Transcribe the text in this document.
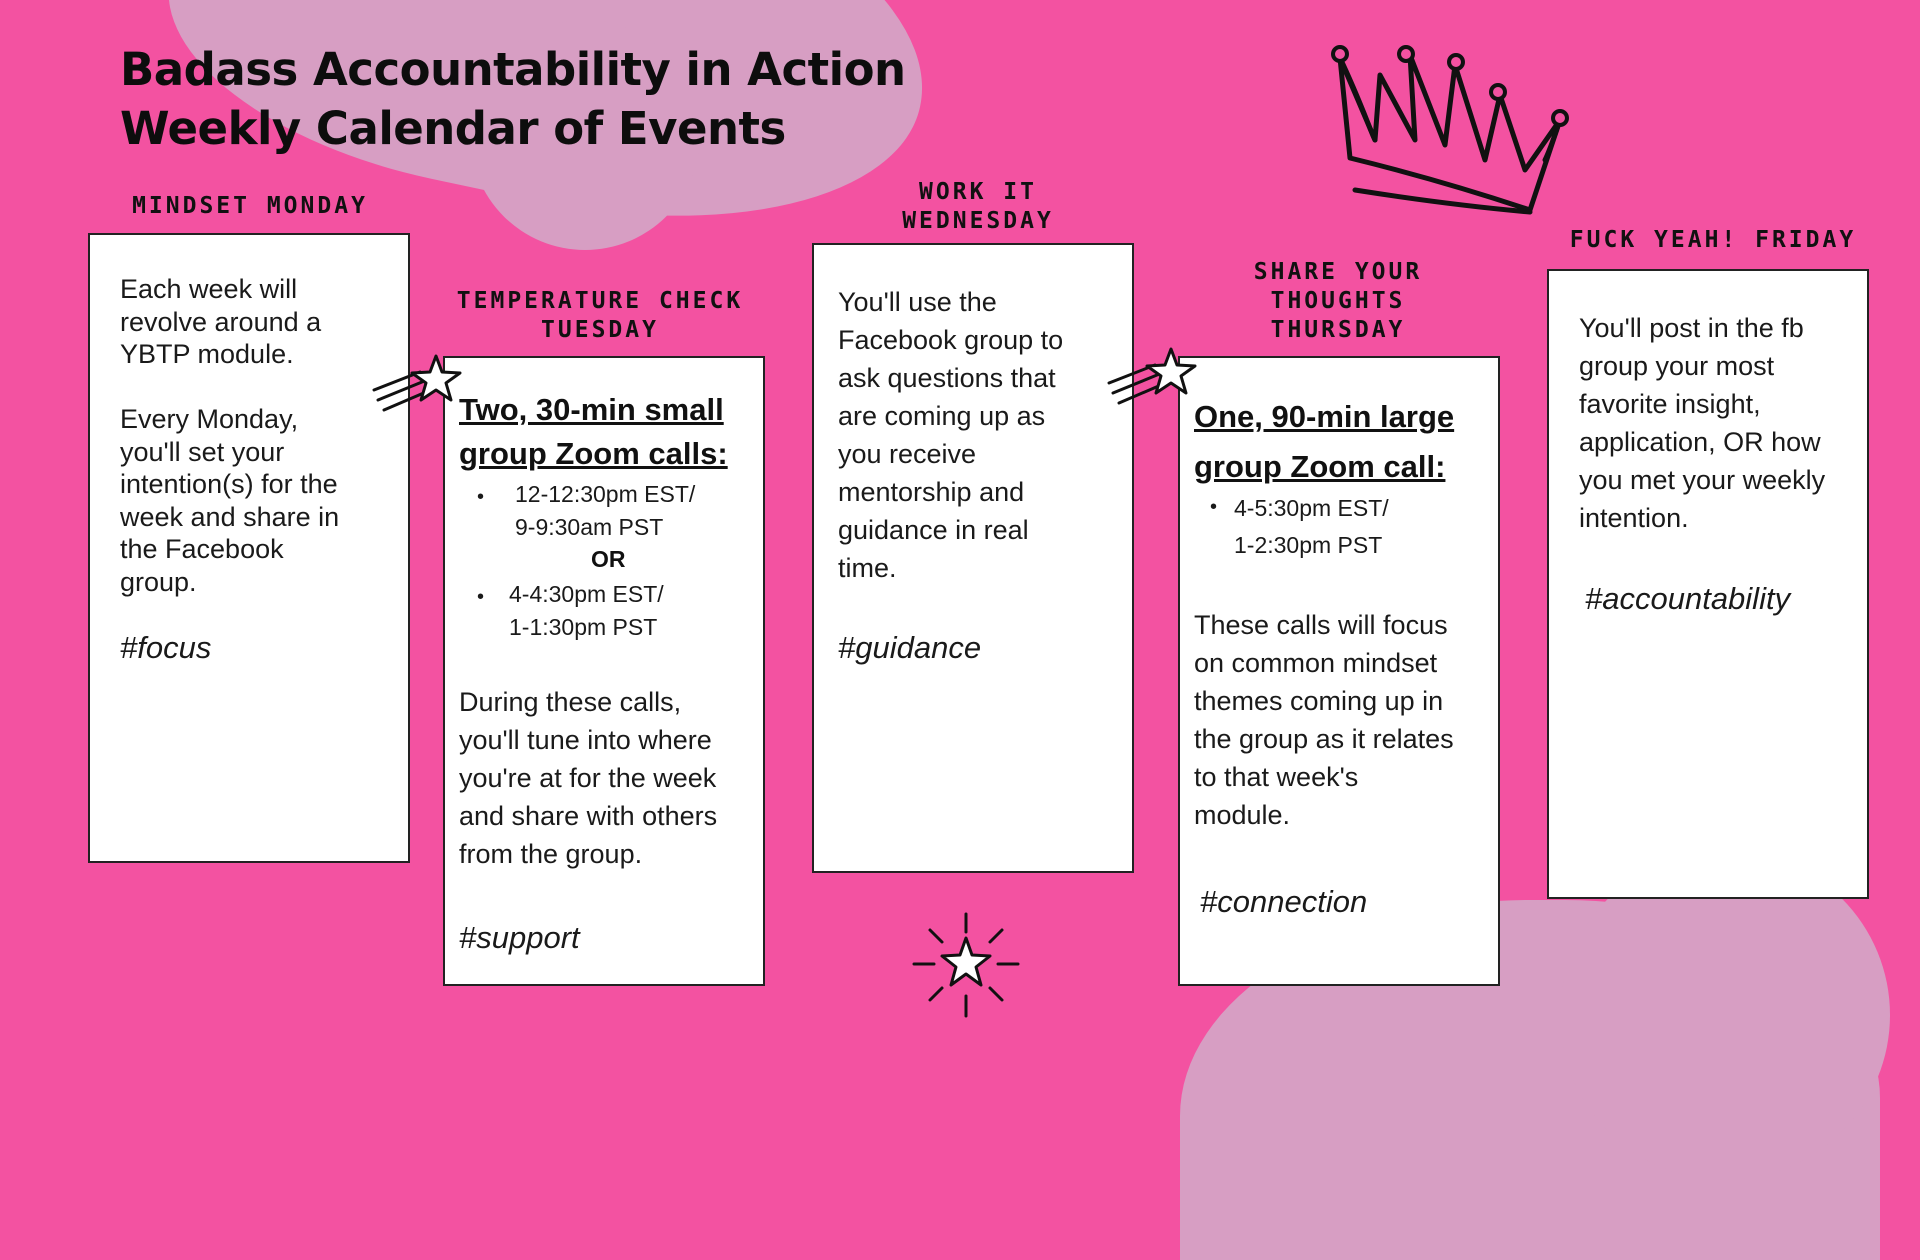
Badass Accountability in Action
Weekly Calendar of Events
MINDSET MONDAY
Each week will
revolve around a
YBTP module.

Every Monday,
you'll set your
intention(s) for the
week and share in
the Facebook
group.
#focus
TEMPERATURE CHECK
TUESDAY
Two, 30-min small
group Zoom calls:
• 12-12:30pm EST/
9-9:30am PST
OR
• 4-4:30pm EST/
1-1:30pm PST
During these calls,
you'll tune into where
you're at for the week
and share with others
from the group.
#support
WORK IT
WEDNESDAY
You'll use the
Facebook group to
ask questions that
are coming up as
you receive
mentorship and
guidance in real
time.
#guidance
SHARE YOUR
THOUGHTS
THURSDAY
One, 90-min large
group Zoom call:
• 4-5:30pm EST/
1-2:30pm PST
These calls will focus
on common mindset
themes coming up in
the group as it relates
to that week's
module.
#connection
FUCK YEAH! FRIDAY
You'll post in the fb
group your most
favorite insight,
application, OR how
you met your weekly
intention.
#accountability
